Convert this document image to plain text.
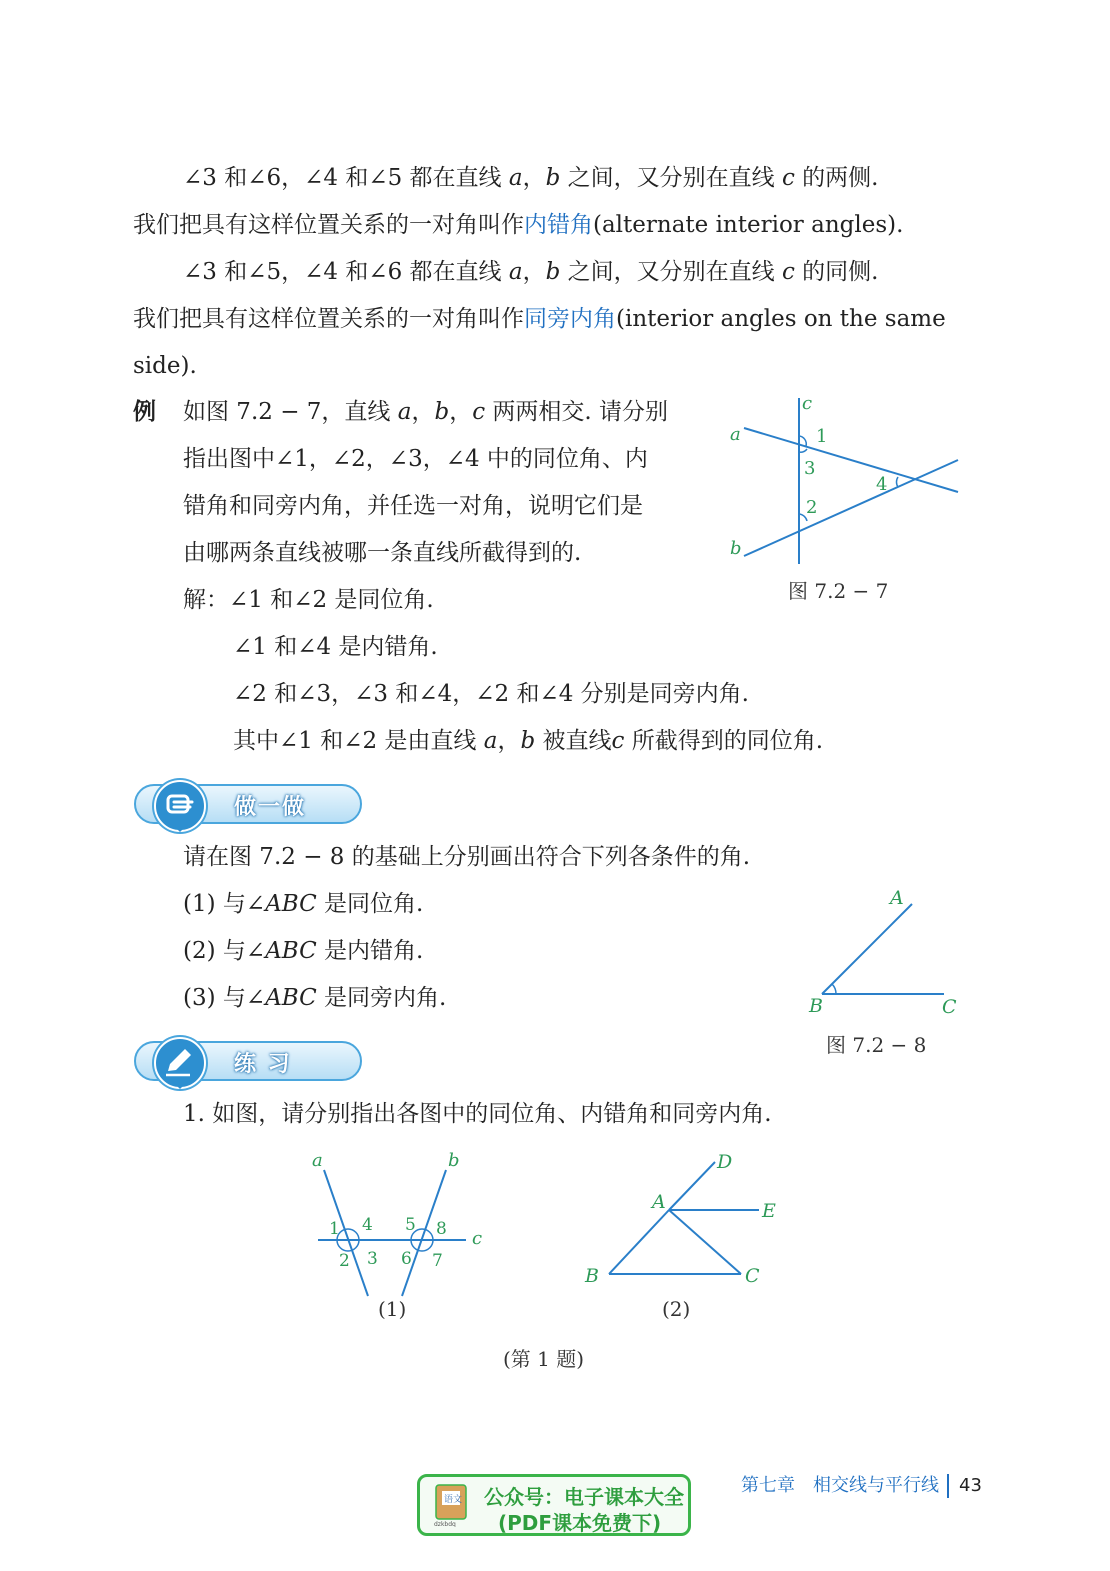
∠3 和∠6，∠4 和∠5 都在直线 a，b 之间，又分别在直线 c 的两侧.
我们把具有这样位置关系的一对角叫作内错角(alternate interior angles).
∠3 和∠5，∠4 和∠6 都在直线 a，b 之间，又分别在直线 c 的同侧.
我们把具有这样位置关系的一对角叫作同旁内角(interior angles on the same
side).
例 如图 7.2 − 7，直线 a，b，c 两两相交. 请分别
指出图中∠1，∠2，∠3，∠4 中的同位角、内
错角和同旁内角，并任选一对角，说明它们是
由哪两条直线被哪一条直线所截得到的.
解：∠1 和∠2 是同位角.
∠1 和∠4 是内错角.
∠2 和∠3，∠3 和∠4，∠2 和∠4 分别是同旁内角.
其中∠1 和∠2 是由直线 a，b 被直线c 所截得到的同位角.
a
b
c
1
3
2
4
图 7.2 − 7
做一做
请在图 7.2 − 8 的基础上分别画出符合下列各条件的角.
(1) 与∠ABC 是同位角.
(2) 与∠ABC 是内错角.
(3) 与∠ABC 是同旁内角.
A
B	C
图 7.2 − 8
练 习
1. 如图，请分别指出各图中的同位角、内错角和同旁内角.
a	b
c
1 4
2 3
5 8
6 7
(1)
A
B	C
D
E
(2)
(第 1 题)
第七章　相交线与平行线 43
语文
dzkbdq
公众号：电子课本大全
(PDF课本免费下)
